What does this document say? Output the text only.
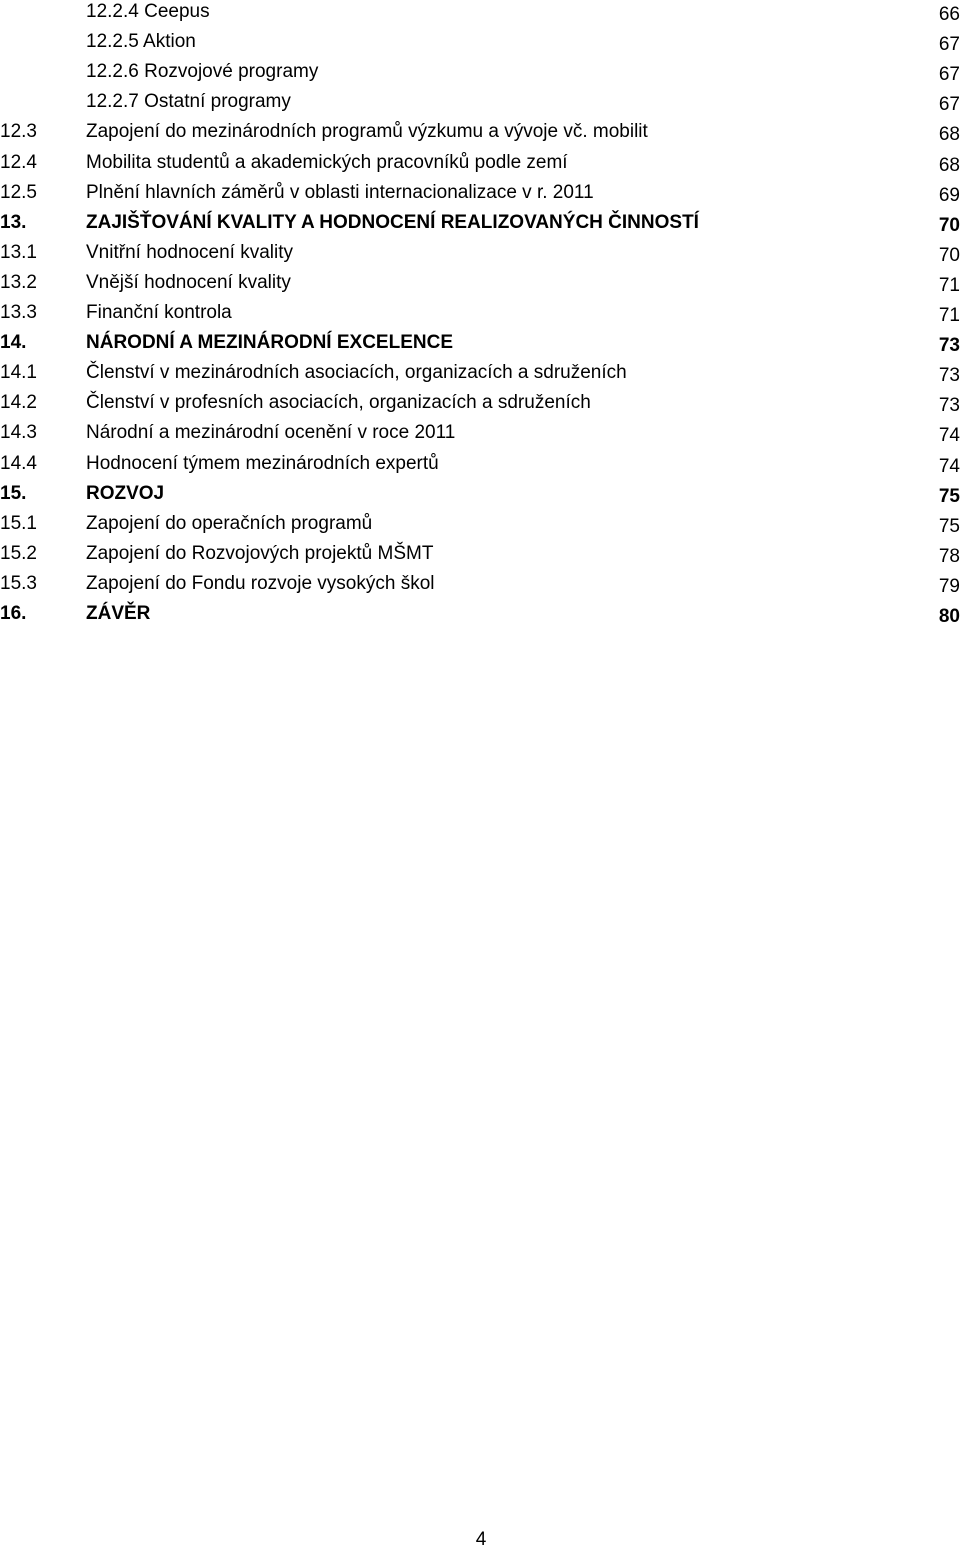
12.2.4 Ceepus	66
12.2.5 Aktion	67
12.2.6 Rozvojové programy	67
12.2.7 Ostatní programy	67
12.3	Zapojení do mezinárodních programů výzkumu a vývoje vč. mobilit	68
12.4	Mobilita studentů a akademických pracovníků podle zemí	68
12.5	Plnění hlavních záměrů v oblasti internacionalizace v r. 2011	69
13.	ZAJIŠŤOVÁNÍ KVALITY A HODNOCENÍ REALIZOVANÝCH ČINNOSTÍ	70
13.1	Vnitřní hodnocení kvality	70
13.2	Vnější hodnocení kvality	71
13.3	Finanční kontrola	71
14.	NÁRODNÍ A MEZINÁRODNÍ EXCELENCE	73
14.1	Členství v mezinárodních asociacích, organizacích a sdruženích	73
14.2	Členství v profesních asociacích, organizacích a sdruženích	73
14.3	Národní a mezinárodní ocenění v roce 2011	74
14.4	Hodnocení týmem mezinárodních expertů	74
15.	ROZVOJ	75
15.1	Zapojení do operačních programů	75
15.2	Zapojení do Rozvojových projektů MŠMT	78
15.3	Zapojení do Fondu rozvoje vysokých škol	79
16.	ZÁVĚR	80
4
